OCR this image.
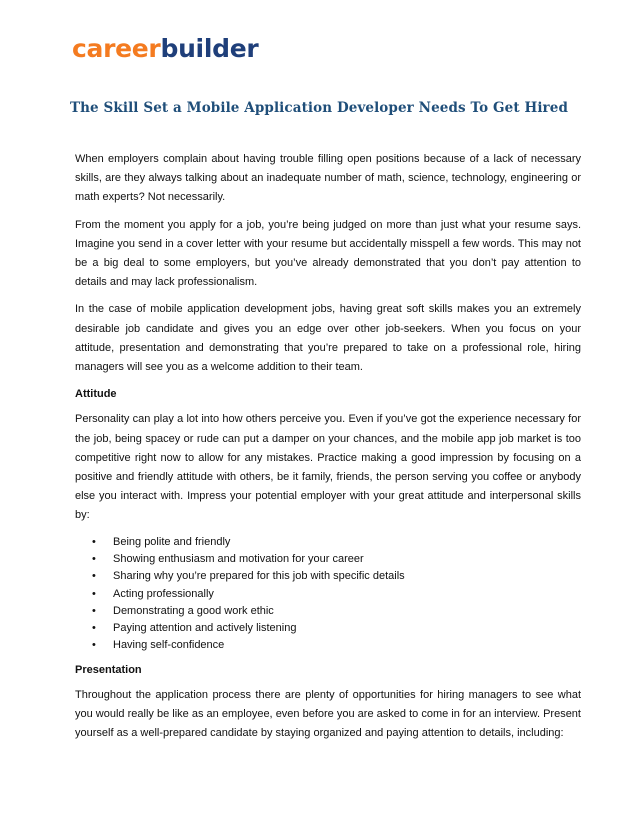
careerbuilder
The Skill Set a Mobile Application Developer Needs To Get Hired

When employers complain about having trouble filling open positions because of a lack of necessary skills, are they always talking about an inadequate number of math, science, technology, engineering or math experts? Not necessarily.

From the moment you apply for a job, you’re being judged on more than just what your resume says. Imagine you send in a cover letter with your resume but accidentally misspell a few words. This may not be a big deal to some employers, but you’ve already demonstrated that you don’t pay attention to details and may lack professionalism.

In the case of mobile application development jobs, having great soft skills makes you an extremely desirable job candidate and gives you an edge over other job-seekers. When you focus on your attitude, presentation and demonstrating that you’re prepared to take on a professional role, hiring managers will see you as a welcome addition to their team.

Attitude

Personality can play a lot into how others perceive you. Even if you’ve got the experience necessary for the job, being spacey or rude can put a damper on your chances, and the mobile app job market is too competitive right now to allow for any mistakes. Practice making a good impression by focusing on a positive and friendly attitude with others, be it family, friends, the person serving you coffee or anybody else you interact with. Impress your potential employer with your great attitude and interpersonal skills by:

• Being polite and friendly
• Showing enthusiasm and motivation for your career
• Sharing why you’re prepared for this job with specific details
• Acting professionally
• Demonstrating a good work ethic
• Paying attention and actively listening
• Having self-confidence
Presentation

Throughout the application process there are plenty of opportunities for hiring managers to see what you would really be like as an employee, even before you are asked to come in for an interview. Present yourself as a well-prepared candidate by staying organized and paying attention to details, including:
